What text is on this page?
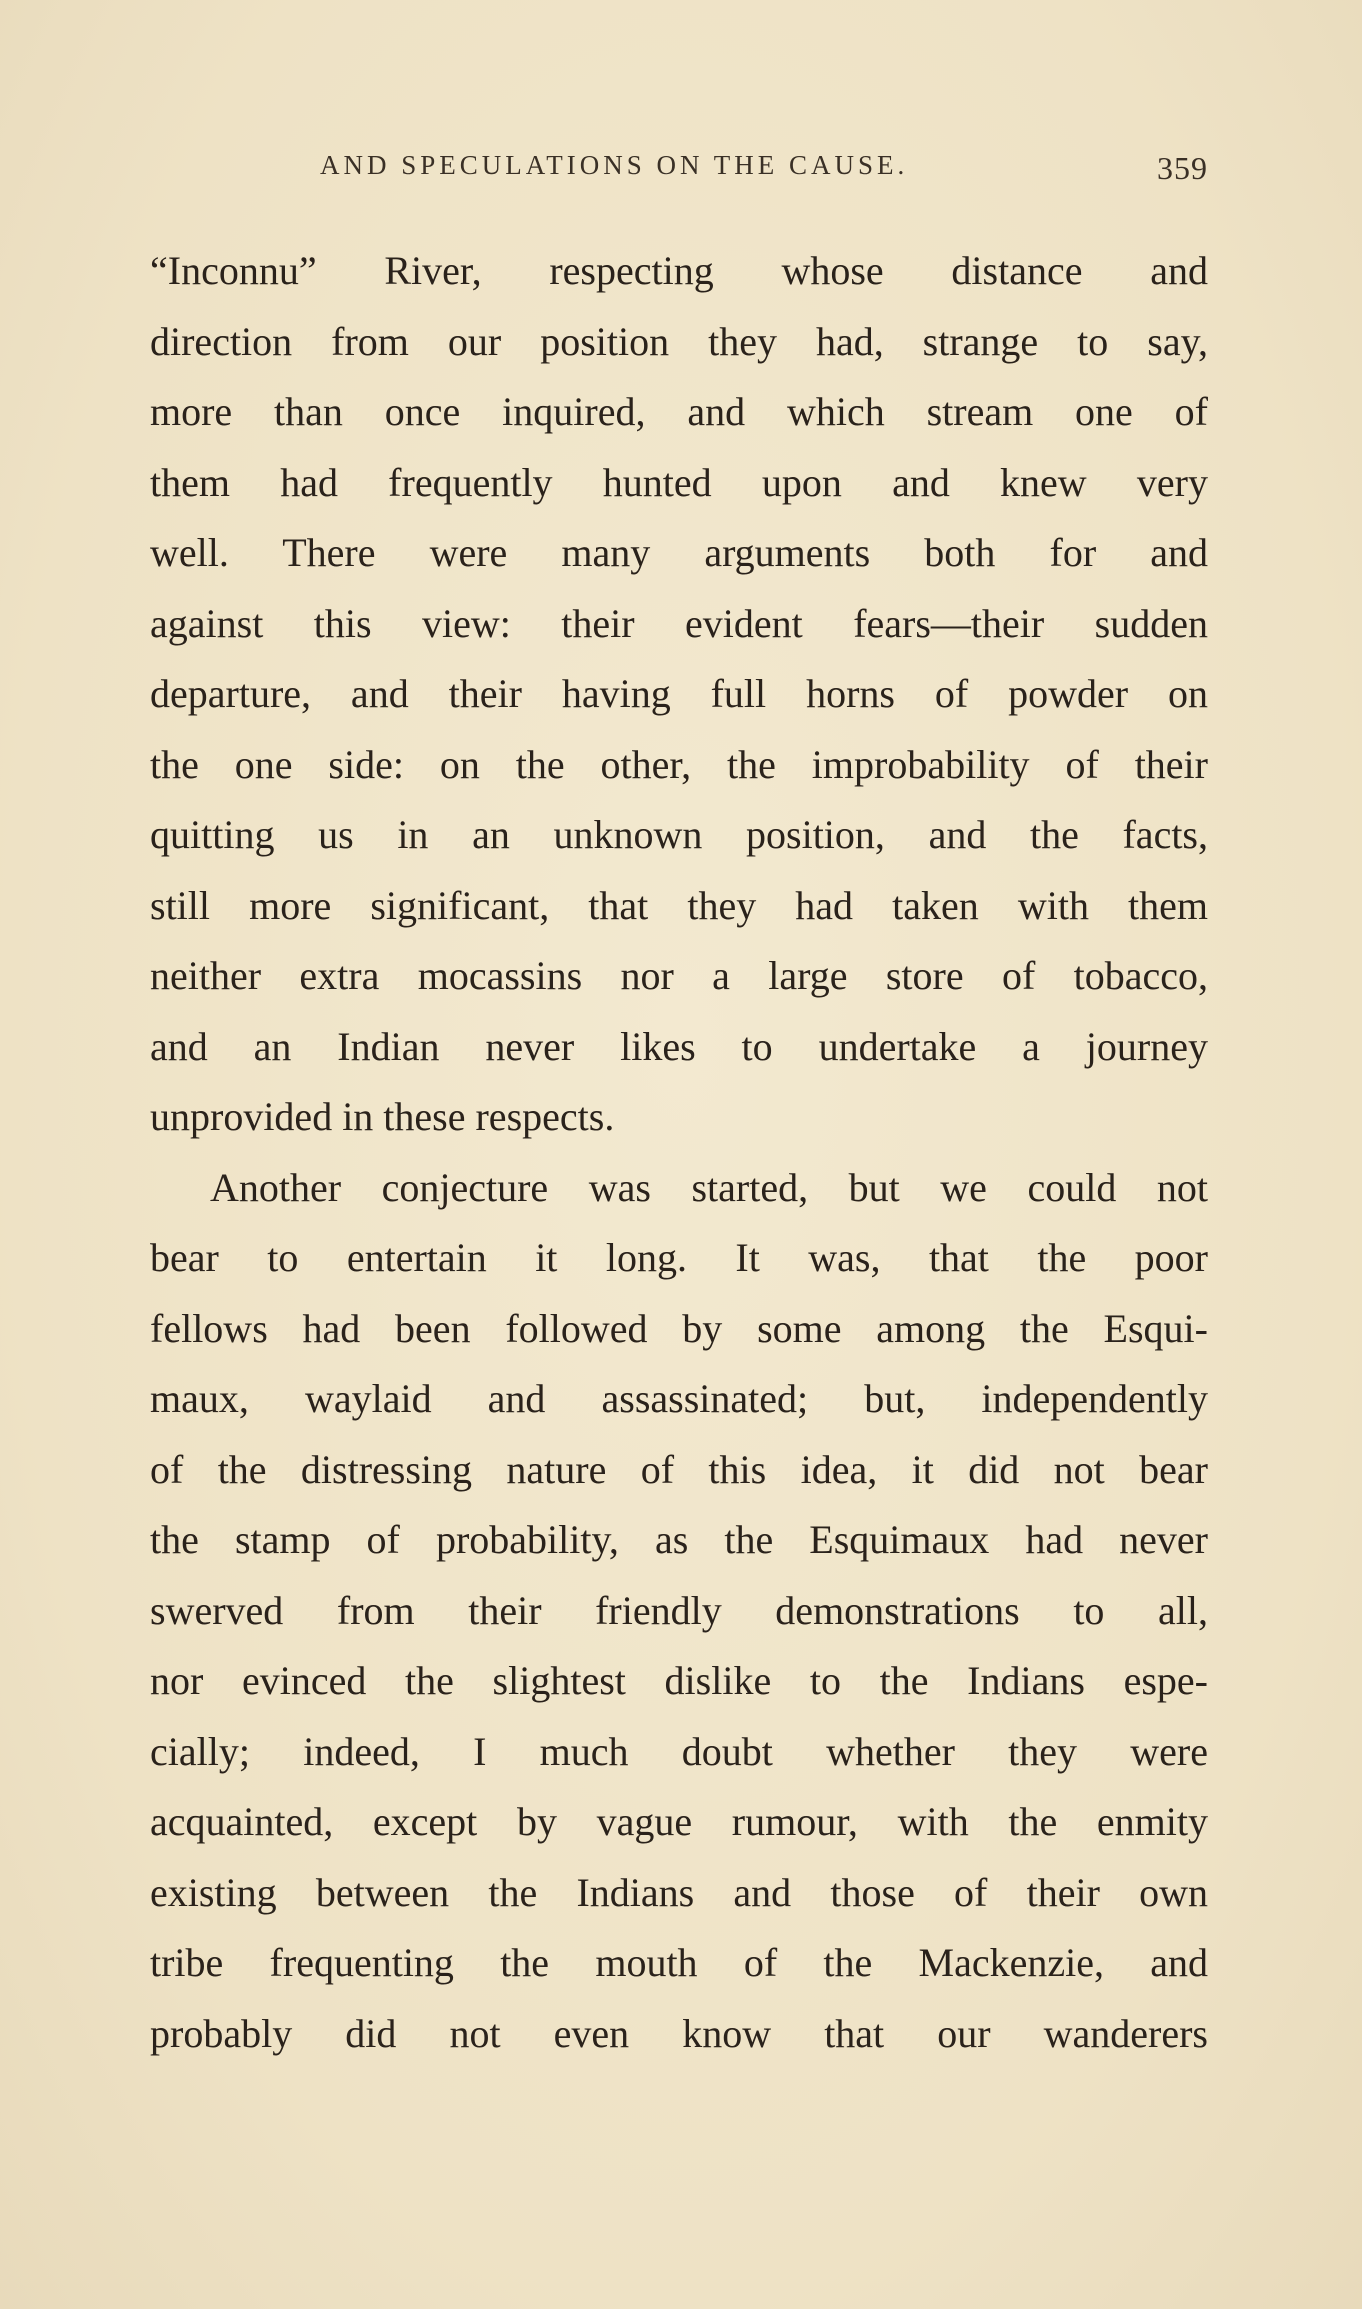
AND SPECULATIONS ON THE CAUSE.	359
“Inconnu” River, respecting whose distance and
direction from our position they had, strange to say,
more than once inquired, and which stream one of
them had frequently hunted upon and knew very
well. There were many arguments both for and
against this view: their evident fears—their sudden
departure, and their having full horns of powder on
the one side: on the other, the improbability of their
quitting us in an unknown position, and the facts,
still more significant, that they had taken with them
neither extra mocassins nor a large store of tobacco,
and an Indian never likes to undertake a journey
unprovided in these respects.
Another conjecture was started, but we could not
bear to entertain it long. It was, that the poor
fellows had been followed by some among the Esqui-
maux, waylaid and assassinated; but, independently
of the distressing nature of this idea, it did not bear
the stamp of probability, as the Esquimaux had never
swerved from their friendly demonstrations to all,
nor evinced the slightest dislike to the Indians espe-
cially; indeed, I much doubt whether they were
acquainted, except by vague rumour, with the enmity
existing between the Indians and those of their own
tribe frequenting the mouth of the Mackenzie, and
probably did not even know that our wanderers
